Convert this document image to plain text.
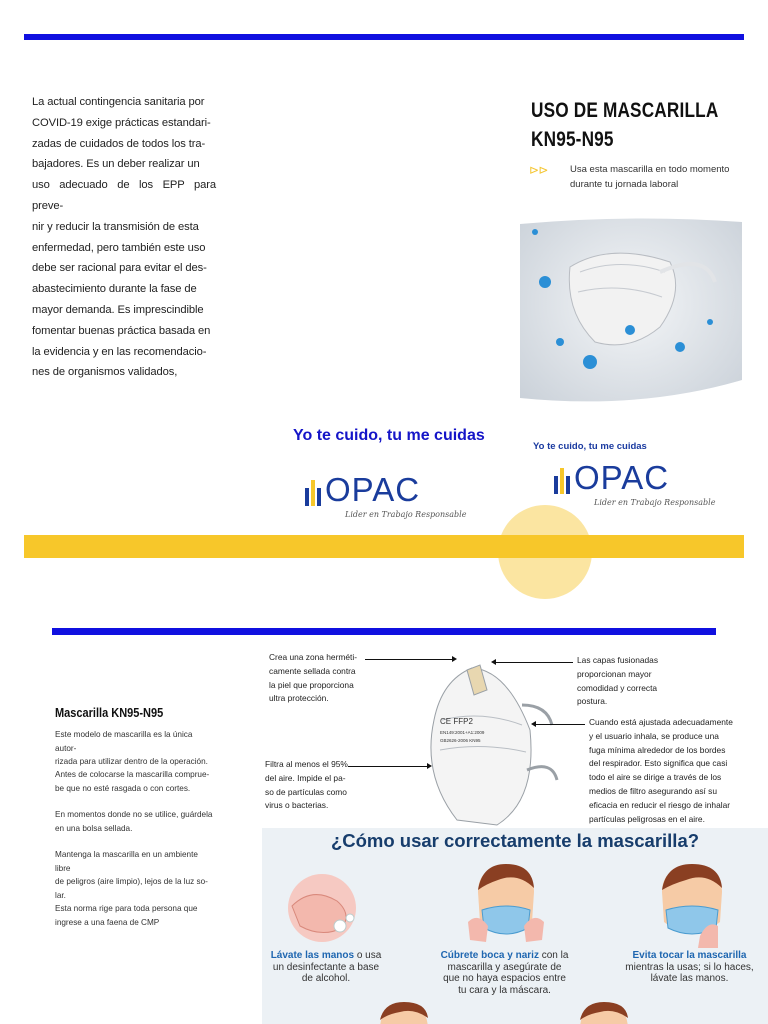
La actual contingencia sanitaria por
COVID-19 exige prácticas estandari-
zadas de cuidados de todos los tra-
bajadores. Es un deber realizar un
uso adecuado de los EPP para preve-
nir y reducir la transmisión de esta
enfermedad, pero también este uso
debe ser racional para evitar el des-
abastecimiento durante la fase de
mayor demanda. Es imprescindible
fomentar buenas práctica basada en
la evidencia y en las recomendacio-
nes de organismos validados,
USO DE MASCARILLA
KN95-N95
⊳ ⊳ Usa esta mascarilla en todo momento
durante tu jornada laboral
Yo te cuido, tu me cuidas
Yo te cuido, tu me cuidas
OPAC
Lider en Trabajo Responsable
OPAC
Lider en Trabajo Responsable
Mascarilla KN95-N95
Este modelo de mascarilla es la única autor-
rizada para utilizar dentro de la operación.
Antes de colocarse la mascarilla comprue-
be que no esté rasgada o con cortes.
En momentos donde no se utilice, guárdela
en una bolsa sellada.
Mantenga la mascarilla en un ambiente libre
de peligros (aire limpio), lejos de la luz so-
lar.
Esta norma rige para toda persona que
ingrese a una faena de CMP
CE FFP2
EN149:2001+A1:2009
GB2626-2006 KN95
Crea una zona herméti-
camente sellada contra
la piel que proporciona
ultra protección.
Filtra al menos el 95%
del aire. Impide el pa-
so de partículas como
virus o bacterias.
Las capas fusionadas
proporcionan mayor
comodidad y correcta
postura.
Cuando está ajustada adecuadamente
y el usuario inhala, se produce una
fuga mínima alrededor de los bordes
del respirador. Esto significa que casi
todo el aire se dirige a través de los
medios de filtro asegurando así su
eficacia en reducir el riesgo de inhalar
partículas peligrosas en el aire.
¿Cómo usar correctamente la mascarilla?
Lávate las manos o usa
un desinfectante a base
de alcohol.
Cúbrete boca y nariz con la
mascarilla y asegúrate de
que no haya espacios entre
tu cara y la máscara.
Evita tocar la mascarilla
mientras la usas; si lo haces,
lávate las manos.
